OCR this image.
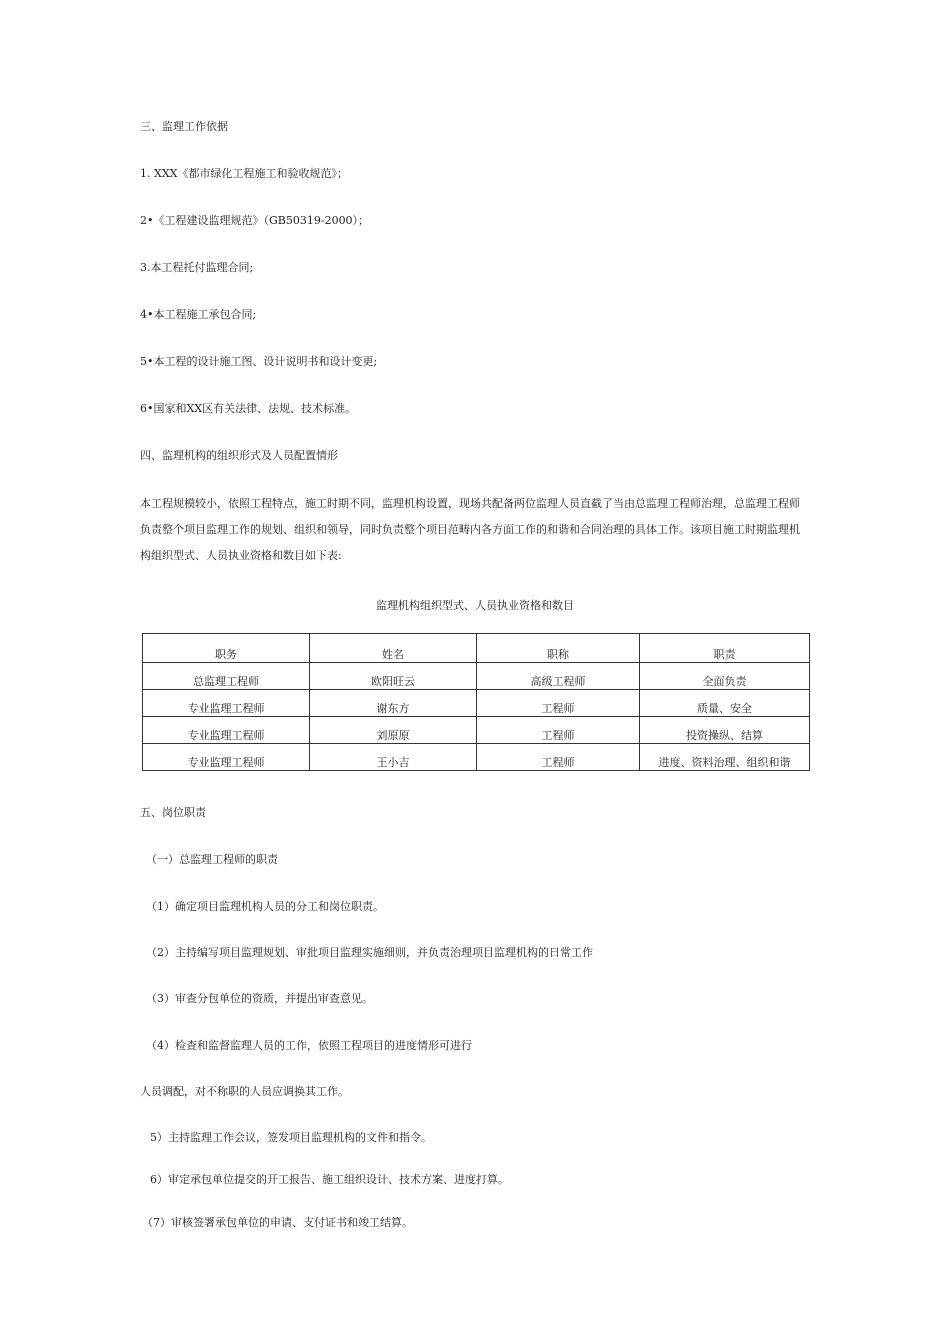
三、监理工作依据
1. XXX《都市绿化工程施工和验收规范》；
2•《工程建设监理规范》（GB50319-2000）；
3.本工程托付监理合同;
4•本工程施工承包合同;
5•本工程的设计施工图、设计说明书和设计变更;
6•国家和XX区有关法律、法规、技术标准。
四、监理机构的组织形式及人员配置情形
本工程规模较小，依照工程特点，施工时期不同，监理机构设置，现场共配备两位监理人员直截了当由总监理工程师治理，总监理工程师负责整个项目监理工作的规划、组织和领导，同时负责整个项目范畴内各方面工作的和谐和合同治理的具体工作。该项目施工时期监理机构组织型式、人员执业资格和数目如下表:
监理机构组织型式、人员执业资格和数目
职务	姓名	职称	职责
总监理工程师	欧阳旺云	高级工程师	全面负责
专业监理工程师	谢东方	工程师	质量、安全
专业监理工程师	刘原原	工程师	投资操纵、结算
专业监理工程师	王小吉	工程师	进度、资料治理、组织和谐
五、岗位职责
（一）总监理工程师的职责
（1）确定项目监理机构人员的分工和岗位职责。
（2）主持编写项目监理规划、审批项目监理实施细则，并负责治理项目监理机构的日常工作
（3）审查分包单位的资质，并提出审查意见。
（4）检查和监督监理人员的工作，依照工程项目的进度情形可进行
人员调配，对不称职的人员应调换其工作。
5）主持监理工作会议，签发项目监理机构的文件和指令。
6）审定承包单位提交的开工报告、施工组织设计、技术方案、进度打算。
（7）审核签署承包单位的申请、支付证书和竣工结算。
